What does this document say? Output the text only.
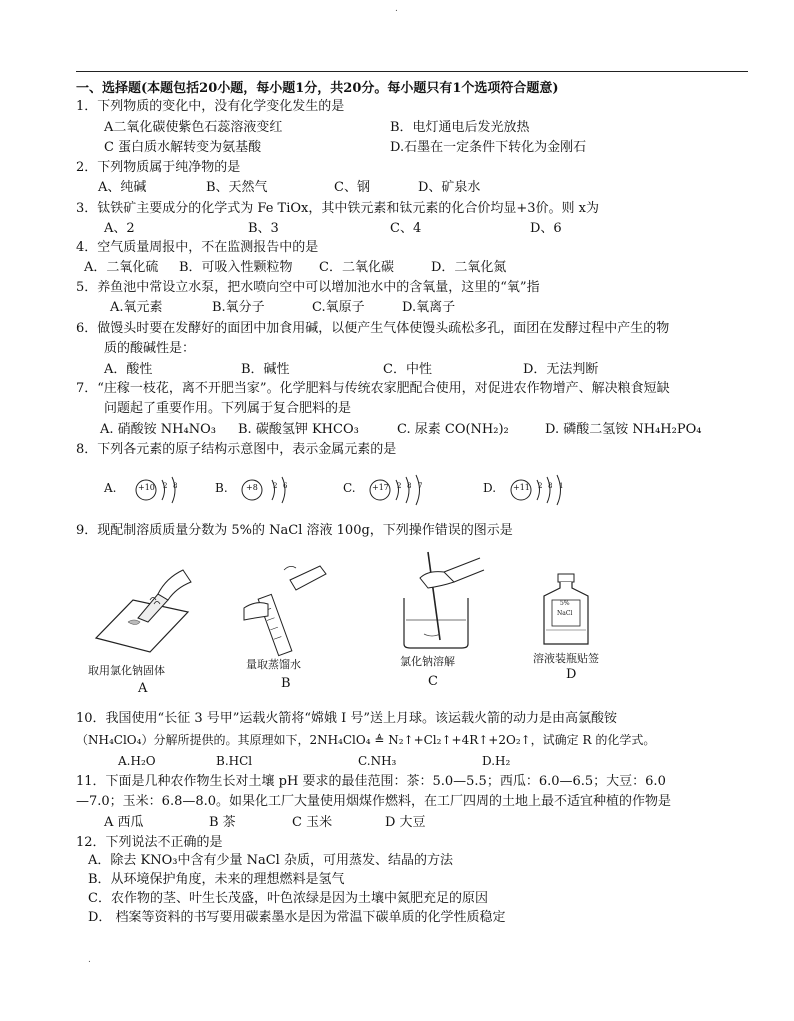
.
一、选择题(本题包括20小题，每小题1分，共20分。每小题只有1个选项符合题意)
1．下列物质的变化中，没有化学变化发生的是
A二氧化碳使紫色石蕊溶液变红	B．电灯通电后发光放热
C 蛋白质水解转变为氨基酸	D.石墨在一定条件下转化为金刚石
2．下列物质属于纯净物的是
A、纯碱	B、天然气	C、钢	D、矿泉水
3．钛铁矿主要成分的化学式为 Fe TiOx，其中铁元素和钛元素的化合价均显+3价。则 x为
A、2	B、3	C、4	D、6
4．空气质量周报中，不在监测报告中的是
A．二氧化硫 B．可吸入性颗粒物 C．二氧化碳	D．二氧化氮
5．养鱼池中常设立水泵，把水喷向空中可以增加池水中的含氧量，这里的“氧”指
A.氧元素	B.氧分子	C.氧原子	D.氧离子
6．做馒头时要在发酵好的面团中加食用碱，以便产生气体使馒头疏松多孔，面团在发酵过程中产生的物
质的酸碱性是：
A．酸性	B．碱性	C．中性	D．无法判断
7．“庄稼一枝花，离不开肥当家”。化学肥料与传统农家肥配合使用，对促进农作物增产、解决粮食短缺
问题起了重要作用。下列属于复合肥料的是
A. 硝酸铵 NH₄NO₃ B. 碳酸氢钾 KHCO₃	C. 尿素 CO(NH₂)₂	D. 磷酸二氢铵 NH₄H₂PO₄
8．下列各元素的原子结构示意图中，表示金属元素的是
A.	+10 2 8	B. +8 2 6	C. +17 2 8 7	D. +11 2 8 1
9．现配制溶质质量分数为 5%的 NaCl 溶液 100g，下列操作错误的图示是
取用氯化钠固体
A
量取蒸馏水
B
氯化钠溶解
C
5%
NaCl
溶液装瓶贴签
D
10．我国使用“长征 3 号甲”运载火箭将“嫦娥 I 号”送上月球。该运载火箭的动力是由高氯酸铵
（NH₄ClO₄）分解所提供的。其原理如下，2NH₄ClO₄ ≜ N₂↑+Cl₂↑+4R↑+2O₂↑，试确定 R 的化学式。
A.H₂O	B.HCl	C.NH₃	D.H₂
11．下面是几种农作物生长对土壤 pH 要求的最佳范围：茶：5.0—5.5；西瓜：6.0—6.5；大豆：6.0
—7.0；玉米：6.8—8.0。如果化工厂大量使用烟煤作燃料，在工厂四周的土地上最不适宜种植的作物是
A 西瓜	B 茶	C 玉米	D 大豆
12．下列说法不正确的是
A．除去 KNO₃中含有少量 NaCl 杂质，可用蒸发、结晶的方法
B．从环境保护角度，未来的理想燃料是氢气
C．农作物的茎、叶生长茂盛，叶色浓绿是因为土壤中氮肥充足的原因
D． 档案等资料的书写要用碳素墨水是因为常温下碳单质的化学性质稳定
.
